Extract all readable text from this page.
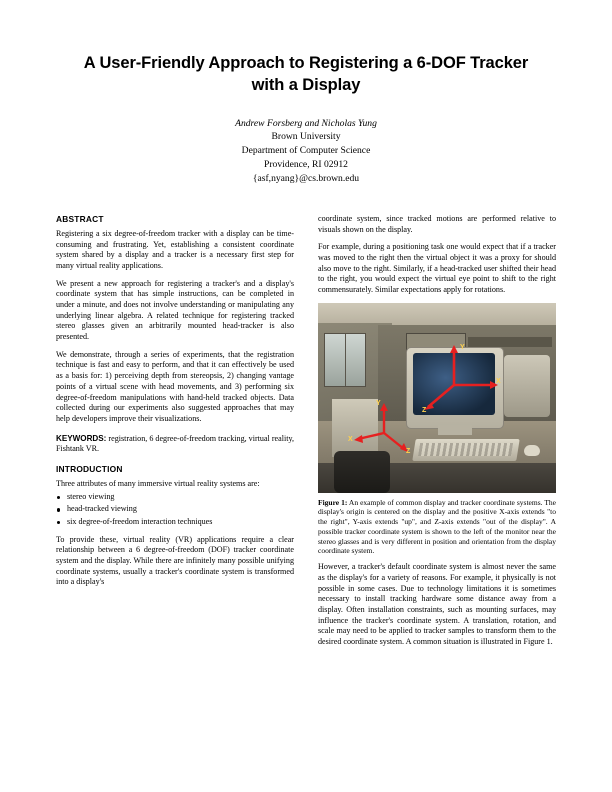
A User-Friendly Approach to Registering a 6-DOF Tracker with a Display
Andrew Forsberg and Nicholas Yung
Brown University
Department of Computer Science
Providence, RI 02912
{asf,nyang}@cs.brown.edu
ABSTRACT

Registering a six degree-of-freedom tracker with a display can be time-consuming and frustrating. Yet, establishing a consistent coordinate system shared by a display and a tracker is a necessary first step for many virtual reality applications.

We present a new approach for registering a tracker's and a display's coordinate system that has simple instructions, can be completed in under a minute, and does not involve understanding or manipulating any underlying linear algebra. A related technique for registering tracked stereo glasses given an arbitrarily mounted head-tracker is also presented.

We demonstrate, through a series of experiments, that the registration technique is fast and easy to perform, and that it can effectively be used as a basis for: 1) perceiving depth from stereopsis, 2) changing vantage points of a virtual scene with head movements, and 3) performing six degree-of-freedom manipulations with hand-held tracked objects. Data collected during our experiments also suggested approaches that may help developers improve their visualizations.

KEYWORDS: registration, 6 degree-of-freedom tracking, virtual reality, Fishtank VR.
INTRODUCTION

Three attributes of many immersive virtual reality systems are:

stereo viewing
head-tracked viewing
six degree-of-freedom interaction techniques

To provide these, virtual reality (VR) applications require a clear relationship between a 6 degree-of-freedom (DOF) tracker coordinate system and the display. While there are infinitely many possible unifying coordinate systems, usually a tracker's coordinate system is transformed into a display's

coordinate system, since tracked motions are performed relative to visuals shown on the display.

For example, during a positioning task one would expect that if a tracker was moved to the right then the virtual object it was a proxy for should also move to the right. Similarly, if a head-tracked user shifted their head to the right, you would expect the virtual eye point to shift to the right commensurately. Similar expectations apply for rotations.

Y
X
Z
Y
X
Z
Figure 1: An example of common display and tracker coordinate systems. The display's origin is centered on the display and the positive X-axis extends "to the right", Y-axis extends "up", and Z-axis extends "out of the display". A possible tracker coordinate system is shown to the left of the monitor near the stereo glasses and is very different in position and orientation from the display coordinate system.

However, a tracker's default coordinate system is almost never the same as the display's for a variety of reasons. For example, it physically is not possible in some cases. Due to technology limitations it is sometimes necessary to install tracking hardware some distance away from a display. Often installation constraints, such as mounting surfaces, may influence the tracker's coordinate system. A translation, rotation, and scale may need to be applied to tracker samples to transform them to the desired coordinate system. A common situation is illustrated in Figure 1.
